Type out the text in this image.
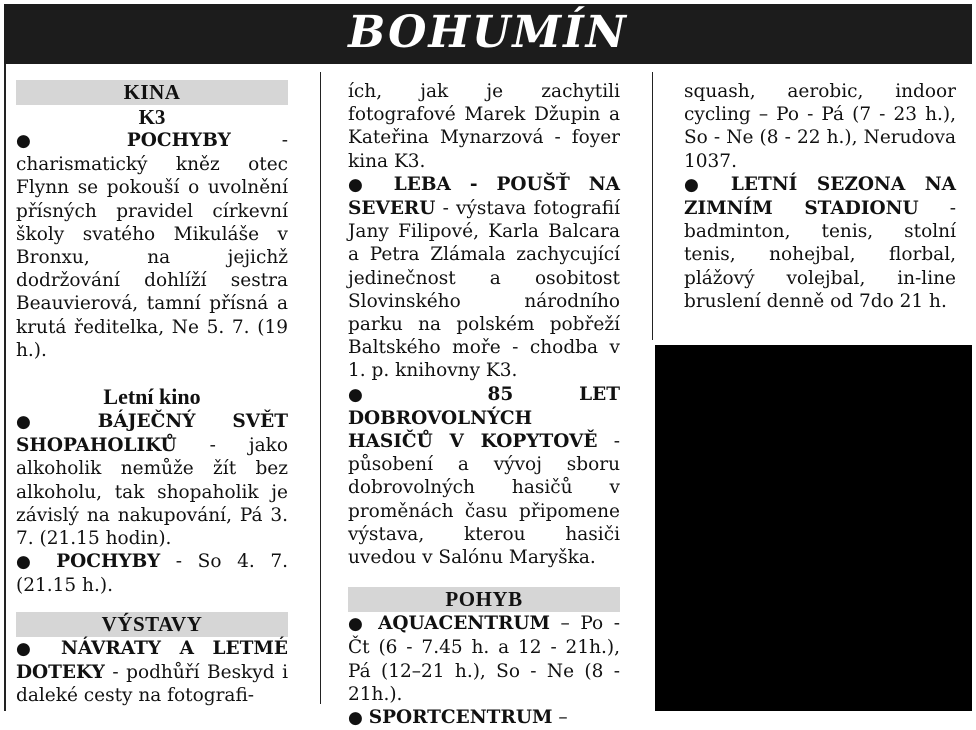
BOHUMÍN
KINA
K3

●	POCHYBY - charismatický kněz otec Flynn se pokouší o uvolnění přísných pravidel církevní školy svatého Mikuláše v Bronxu, na jejichž dodržování dohlíží sestra Beauvierová, tamní přísná a krutá ředitelka, Ne 5. 7. (19 h.).

Letní kino

● BÁJEČNÝ SVĚT SHOPAHOLIKŮ - jako alkoholik nemůže žít bez alkoholu, tak shopaholik je závislý na nakupování, Pá 3. 7. (21.15 hodin).

● POCHYBY - So 4. 7. (21.15 h.).

VÝSTAVY

● NÁVRATY A LETMÉ DOTEKY - podhůří Beskyd i daleké cesty na fotografi-

ích, jak je zachytili fotografové Marek Džupin a Kateřina Mynarzová - foyer kina K3.

● LEBA - POUŠŤ NA SEVERU - výstava fotografií Jany Filipové, Karla Balcara a Petra Zlámala zachycující jedinečnost a osobitost Slovinského národního parku na polském pobřeží Baltského moře - chodba v 1. p. knihovny K3.

●	85 LET DOBROVOLNÝCH HASIČŮ V KOPYTOVĚ - působení a vývoj sboru dobrovolných hasičů v proměnách času připomene výstava, kterou hasiči uvedou v Salónu Maryška.

POHYB

● AQUACENTRUM – Po - Čt (6 - 7.45 h. a 12 - 21h.), Pá (12–21 h.), So - Ne (8 - 21h.).

● SPORTCENTRUM –

squash, aerobic, indoor cycling – Po - Pá (7 - 23 h.), So - Ne (8 - 22 h.), Nerudova 1037.

● LETNÍ SEZONA NA ZIMNÍM STADIONU - badminton, tenis, stolní tenis, nohejbal, florbal, plážový volejbal, in-line bruslení denně od 7do 21 h.
